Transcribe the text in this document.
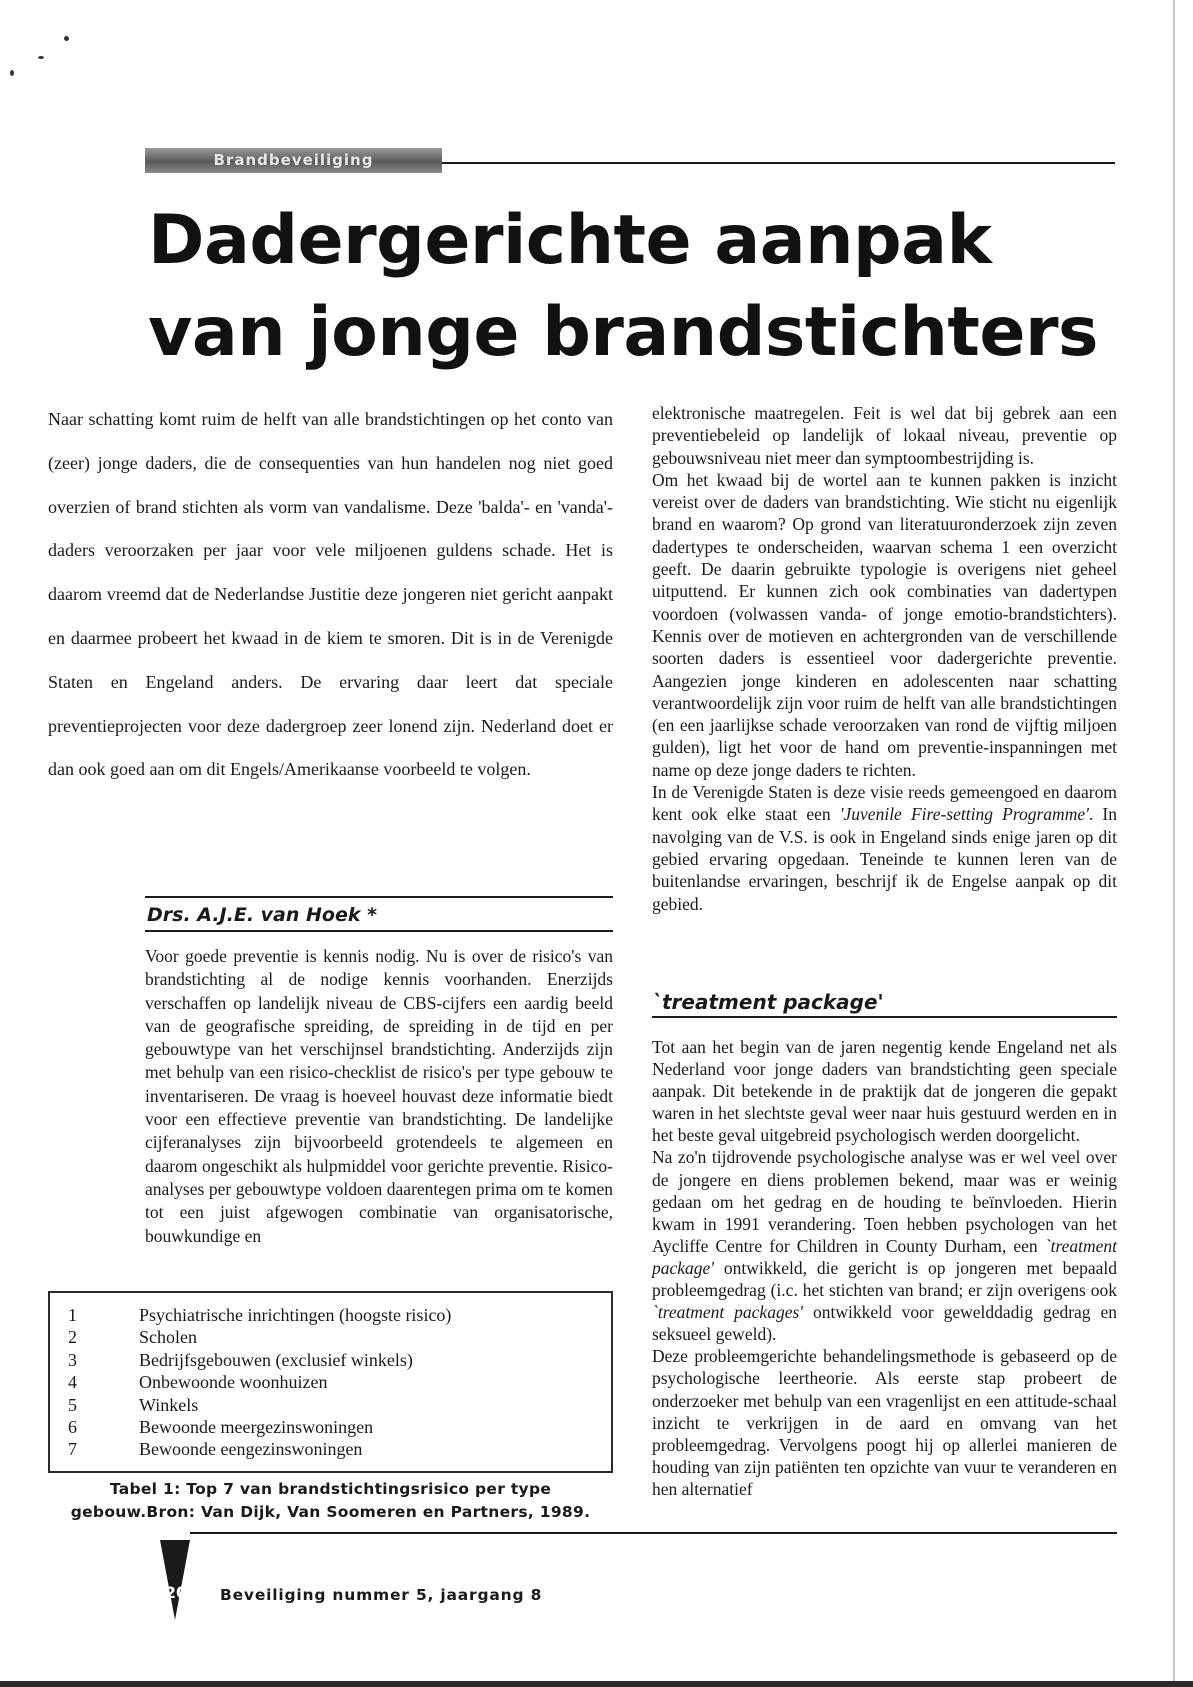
Brandbeveiliging
Dadergerichte aanpak
van jonge brandstichters

Naar schatting komt ruim de helft van alle brandstichtingen op het conto van (zeer) jonge daders, die de consequenties van hun handelen nog niet goed overzien of brand stichten als vorm van vandalisme. Deze 'balda'- en 'vanda'-daders veroorzaken per jaar voor vele miljoenen guldens schade. Het is daarom vreemd dat de Nederlandse Justitie deze jongeren niet gericht aanpakt en daarmee probeert het kwaad in de kiem te smoren. Dit is in de Verenigde Staten en Engeland anders. De ervaring daar leert dat speciale preventieprojecten voor deze dadergroep zeer lonend zijn. Nederland doet er dan ook goed aan om dit Engels/Amerikaanse voorbeeld te volgen.

Drs. A.J.E. van Hoek *

Voor goede preventie is kennis nodig. Nu is over de risico's van brandstichting al de nodige kennis voorhanden. Enerzijds verschaffen op landelijk niveau de CBS-cijfers een aardig beeld van de geografische spreiding, de spreiding in de tijd en per gebouwtype van het verschijnsel brandstichting. Anderzijds zijn met behulp van een risico-checklist de risico's per type gebouw te inventariseren. De vraag is hoeveel houvast deze informatie biedt voor een effectieve preventie van brandstichting. De landelijke cijferanalyses zijn bijvoorbeeld grotendeels te algemeen en daarom ongeschikt als hulpmiddel voor gerichte preventie. Risico-analyses per gebouwtype voldoen daarentegen prima om te komen tot een juist afgewogen combinatie van organisatorische, bouwkundige en

1	Psychiatrische inrichtingen (hoogste risico)
2	Scholen
3	Bedrijfsgebouwen (exclusief winkels)
4	Onbewoonde woonhuizen
5	Winkels
6	Bewoonde meergezinswoningen
7	Bewoonde eengezinswoningen
Tabel 1: Top 7 van brandstichtingsrisico per type gebouw.Bron: Van Dijk, Van Soomeren en Partners, 1989.

elektronische maatregelen. Feit is wel dat bij gebrek aan een preventiebeleid op landelijk of lokaal niveau, preventie op gebouwsniveau niet meer dan symptoombestrijding is.

Om het kwaad bij de wortel aan te kunnen pakken is inzicht vereist over de daders van brandstichting. Wie sticht nu eigenlijk brand en waarom? Op grond van literatuuronderzoek zijn zeven dadertypes te onderscheiden, waarvan schema 1 een overzicht geeft. De daarin gebruikte typologie is overigens niet geheel uitputtend. Er kunnen zich ook combinaties van dadertypen voordoen (volwassen vanda- of jonge emotio-brandstichters). Kennis over de motieven en achtergronden van de verschillende soorten daders is essentieel voor dadergerichte preventie. Aangezien jonge kinderen en adolescenten naar schatting verantwoordelijk zijn voor ruim de helft van alle brandstichtingen (en een jaarlijkse schade veroorzaken van rond de vijftig miljoen gulden), ligt het voor de hand om preventie-inspanningen met name op deze jonge daders te richten.

In de Verenigde Staten is deze visie reeds gemeengoed en daarom kent ook elke staat een 'Juvenile Fire-setting Programme'. In navolging van de V.S. is ook in Engeland sinds enige jaren op dit gebied ervaring opgedaan. Teneinde te kunnen leren van de buitenlandse ervaringen, beschrijf ik de Engelse aanpak op dit gebied.

`treatment package'

Tot aan het begin van de jaren negentig kende Engeland net als Nederland voor jonge daders van brandstichting geen speciale aanpak. Dit betekende in de praktijk dat de jongeren die gepakt waren in het slechtste geval weer naar huis gestuurd werden en in het beste geval uitgebreid psychologisch werden doorgelicht.

Na zo'n tijdrovende psychologische analyse was er wel veel over de jongere en diens problemen bekend, maar was er weinig gedaan om het gedrag en de houding te beïnvloeden. Hierin kwam in 1991 verandering. Toen hebben psychologen van het Aycliffe Centre for Children in County Durham, een `treatment package' ontwikkeld, die gericht is op jongeren met bepaald probleemgedrag (i.c. het stichten van brand; er zijn overigens ook `treatment packages' ontwikkeld voor gewelddadig gedrag en seksueel geweld).

Deze probleemgerichte behandelingsmethode is gebaseerd op de psychologische leertheorie. Als eerste stap probeert de onderzoeker met behulp van een vragenlijst en een attitude-schaal inzicht te verkrijgen in de aard en omvang van het probleemgedrag. Vervolgens poogt hij op allerlei manieren de houding van zijn patiënten ten opzichte van vuur te veranderen en hen alternatief

20	Beveiliging nummer 5, jaargang 8
